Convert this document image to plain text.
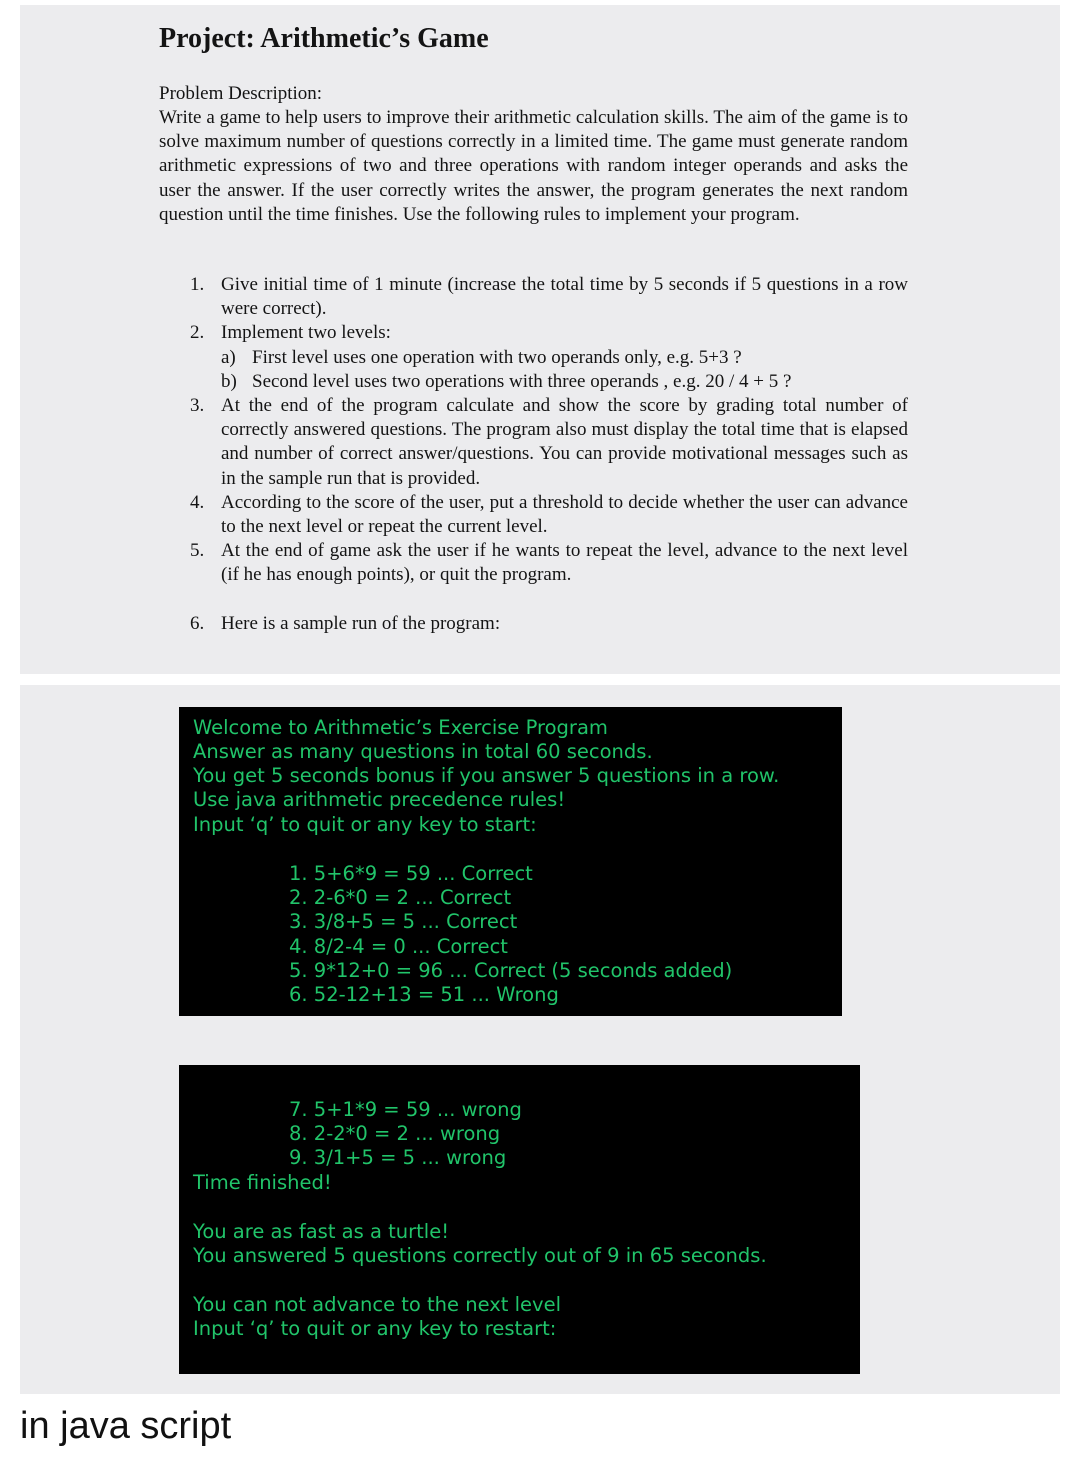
Project: Arithmetic’s Game
Problem Description:

Write a game to help users to improve their arithmetic calculation skills. The aim of the game is to solve maximum number of questions correctly in a limited time. The game must generate random arithmetic expressions of two and three operations with random integer operands and asks the user the answer. If the user correctly writes the answer, the program generates the next random question until the time finishes. Use the following rules to implement your program.

1. Give initial time of 1 minute (increase the total time by 5 seconds if 5 questions in a row were correct).
2. Implement two levels:
a) First level uses one operation with two operands only, e.g. 5+3 ?
b) Second level uses two operations with three operands , e.g. 20 / 4 + 5 ?
3. At the end of the program calculate and show the score by grading total number of correctly answered questions. The program also must display the total time that is elapsed and number of correct answer/questions. You can provide motivational messages such as in the sample run that is provided.
4. According to the score of the user, put a threshold to decide whether the user can advance to the next level or repeat the current level.
5. At the end of game ask the user if he wants to repeat the level, advance to the next level (if he has enough points), or quit the program.
6. Here is a sample run of the program:
Welcome to Arithmetic’s Exercise Program
Answer as many questions in total 60 seconds.
You get 5 seconds bonus if you answer 5 questions in a row.
Use java arithmetic precedence rules!
Input ‘q’ to quit or any key to start:
1. 5+6*9 = 59 ... Correct
2. 2-6*0 = 2 ... Correct
3. 3/8+5 = 5 ... Correct
4. 8/2-4 = 0 ... Correct
5. 9*12+0 = 96 ... Correct (5 seconds added)
6. 52-12+13 = 51 ... Wrong
7. 5+1*9 = 59 ... wrong
8. 2-2*0 = 2 ... wrong
9. 3/1+5 = 5 ... wrong
Time finished!
You are as fast as a turtle!
You answered 5 questions correctly out of 9 in 65 seconds.
You can not advance to the next level
Input ‘q’ to quit or any key to restart:
in java script
